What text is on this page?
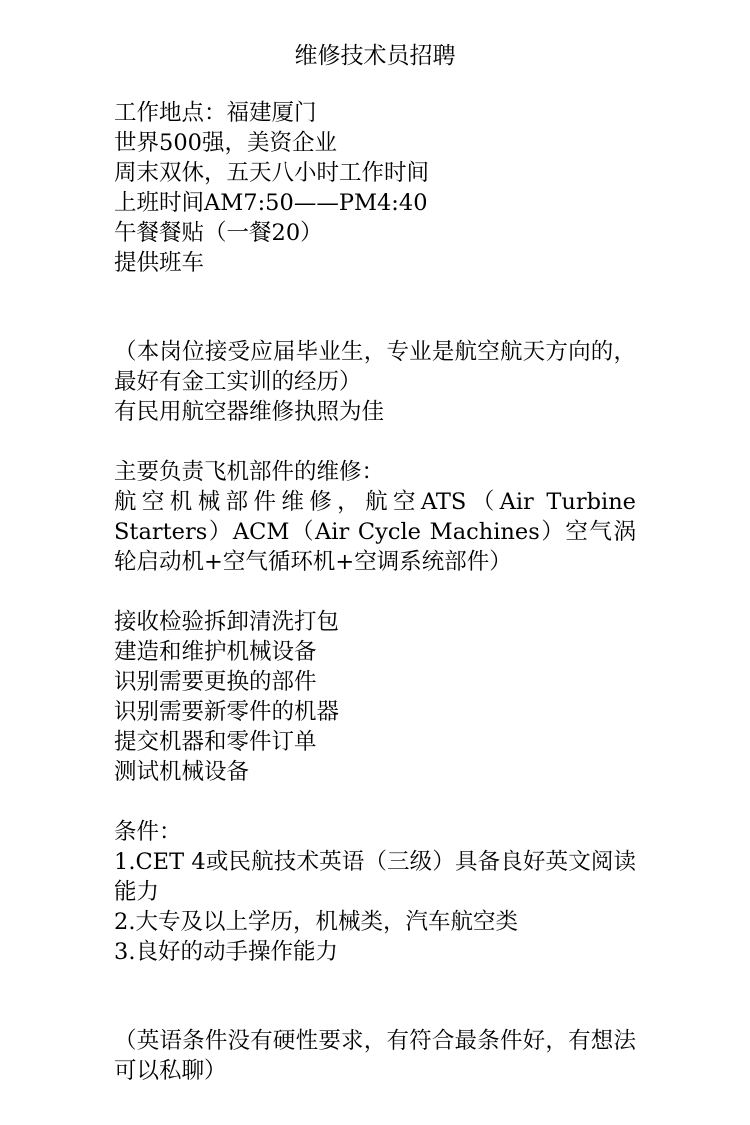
维修技术员招聘
工作地点：福建厦门
世界500强，美资企业
周末双休，五天八小时工作时间
上班时间AM7:50——PM4:40
午餐餐贴（一餐20）
提供班车
（本岗位接受应届毕业生，专业是航空航天方向的，最好有金工实训的经历）
有民用航空器维修执照为佳
主要负责飞机部件的维修：
航空机械部件维修，航空ATS（Air Turbine Starters）ACM（Air Cycle Machines）空气涡轮启动机+空气循环机+空调系统部件）
接收检验拆卸清洗打包
建造和维护机械设备
识别需要更换的部件
识别需要新零件的机器
提交机器和零件订单
测试机械设备
条件：
1.CET 4或民航技术英语（三级）具备良好英文阅读能力
2.大专及以上学历，机械类，汽车航空类
3.良好的动手操作能力
（英语条件没有硬性要求，有符合最条件好，有想法可以私聊）
